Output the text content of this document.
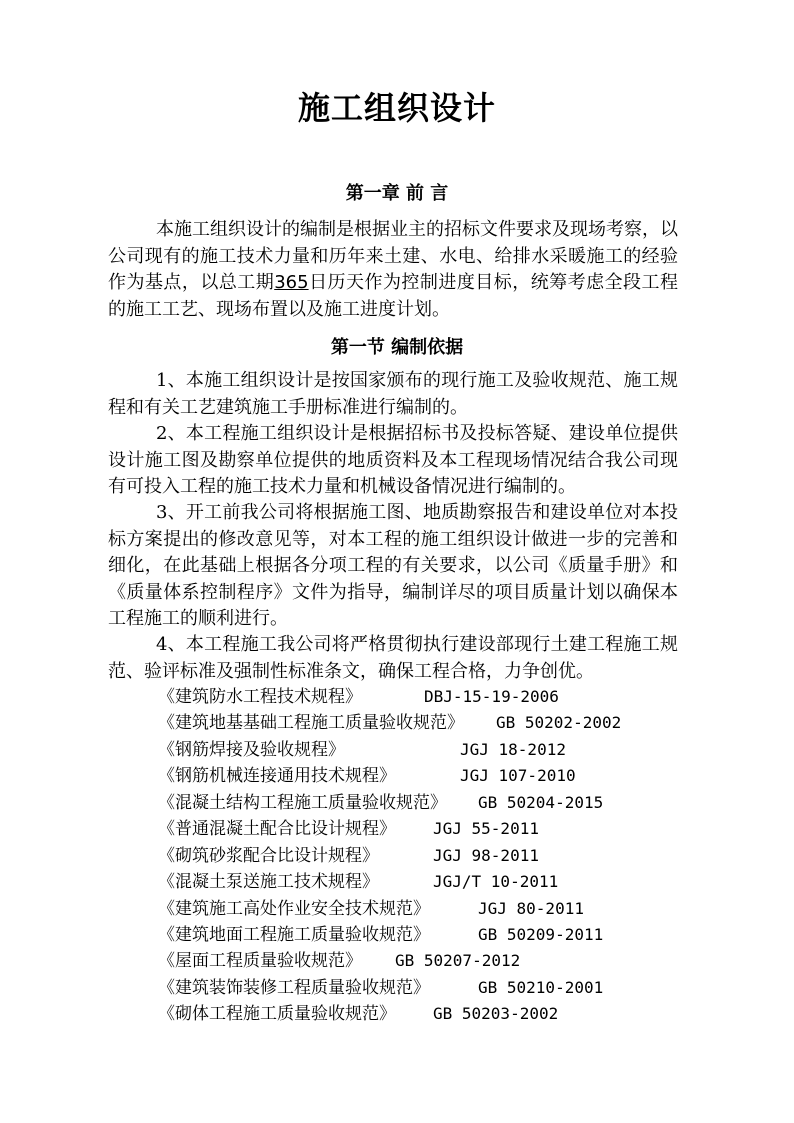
施工组织设计
第一章 前 言

本施工组织设计的编制是根据业主的招标文件要求及现场考察，以公司现有的施工技术力量和历年来土建、水电、给排水采暖施工的经验作为基点，以总工期365日历天作为控制进度目标，统筹考虑全段工程的施工工艺、现场布置以及施工进度计划。

第一节 编制依据

1、本施工组织设计是按国家颁布的现行施工及验收规范、施工规程和有关工艺建筑施工手册标准进行编制的。

2、本工程施工组织设计是根据招标书及投标答疑、建设单位提供设计施工图及勘察单位提供的地质资料及本工程现场情况结合我公司现有可投入工程的施工技术力量和机械设备情况进行编制的。

3、开工前我公司将根据施工图、地质勘察报告和建设单位对本投标方案提出的修改意见等，对本工程的施工组织设计做进一步的完善和细化，在此基础上根据各分项工程的有关要求，以公司《质量手册》和《质量体系控制程序》文件为指导，编制详尽的项目质量计划以确保本工程施工的顺利进行。

4、本工程施工我公司将严格贯彻执行建设部现行土建工程施工规范、验评标准及强制性标准条文，确保工程合格，力争创优。

《建筑防水工程技术规程》	DBJ-15-19-2006
《建筑地基基础工程施工质量验收规范》 GB 50202-2002
《钢筋焊接及验收规程》	JGJ 18-2012
《钢筋机械连接通用技术规程》	JGJ 107-2010
《混凝土结构工程施工质量验收规范》 GB 50204-2015
《普通混凝土配合比设计规程》 JGJ 55-2011
《砌筑砂浆配合比设计规程》	JGJ 98-2011
《混凝土泵送施工技术规程》	JGJ/T 10-2011
《建筑施工高处作业安全技术规范》	JGJ 80-2011
《建筑地面工程施工质量验收规范》	GB 50209-2011
《屋面工程质量验收规范》 GB 50207-2012
《建筑装饰装修工程质量验收规范》	GB 50210-2001
《砌体工程施工质量验收规范》 GB 50203-2002
